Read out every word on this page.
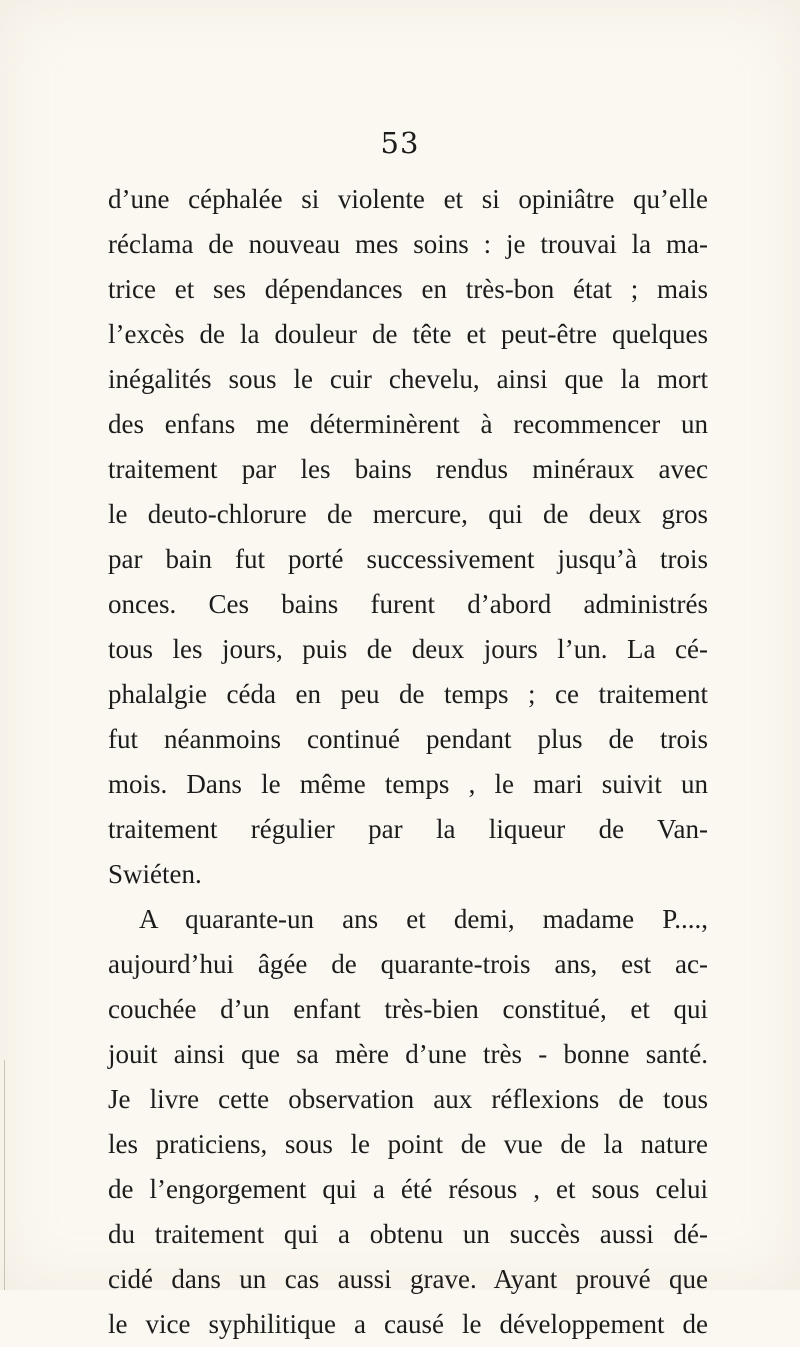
53
d’une céphalée si violente et si opiniâtre qu’elle
réclama de nouveau mes soins : je trouvai la ma-
trice et ses dépendances en très-bon état ; mais
l’excès de la douleur de tête et peut-être quelques
inégalités sous le cuir chevelu, ainsi que la mort
des enfans me déterminèrent à recommencer un
traitement par les bains rendus minéraux avec
le deuto-chlorure de mercure, qui de deux gros
par bain fut porté successivement jusqu’à trois
onces. Ces bains furent d’abord administrés
tous les jours, puis de deux jours l’un. La cé-
phalalgie céda en peu de temps ; ce traitement
fut néanmoins continué pendant plus de trois
mois. Dans le même temps , le mari suivit un
traitement régulier par la liqueur de Van-
Swiéten.
A quarante-un ans et demi, madame P....,
aujourd’hui âgée de quarante-trois ans, est ac-
couchée d’un enfant très-bien constitué, et qui
jouit ainsi que sa mère d’une très - bonne santé.
Je livre cette observation aux réflexions de tous
les praticiens, sous le point de vue de la nature
de l’engorgement qui a été résous , et sous celui
du traitement qui a obtenu un succès aussi dé-
cidé dans un cas aussi grave. Ayant prouvé que
le vice syphilitique a causé le développement de
